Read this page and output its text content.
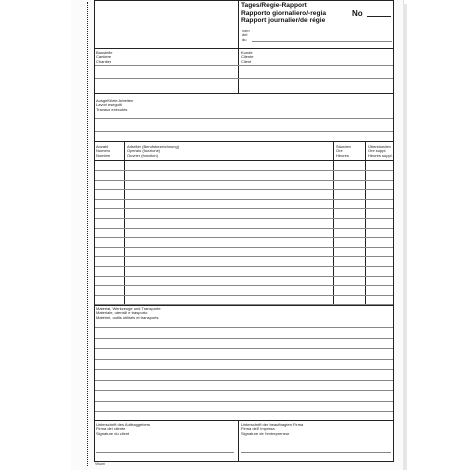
Tages/Regie-Rapport
Rapporto giornaliero/-regia
Rapport journalier/de régie
No
vom
del
du
Baustelle
Cantiere
Chantier
Kunde
Cliente
Client
Ausgeführte Arbeiten
Lavori eseguiti
Travaux exécutés
Anzahl
Numero
Nombre
Arbeiter (Berufsbezeichnung)
Operaio (funzione)
Ouvrier (fonction)
Stunden
Ore
Heures
Überstunden
Ore suppl.
Heures suppl.
Material, Werkzeuge und Transporte
Materiale, utensili e trasporto
Matériel, outils utilisés et transports
Unterschrift des Auftraggebers
Firma del cliente
Signature du client
Unterschrift der beauftragten Firma
Firma dell' impresa
Signature de l'entrepreneur
Visum
